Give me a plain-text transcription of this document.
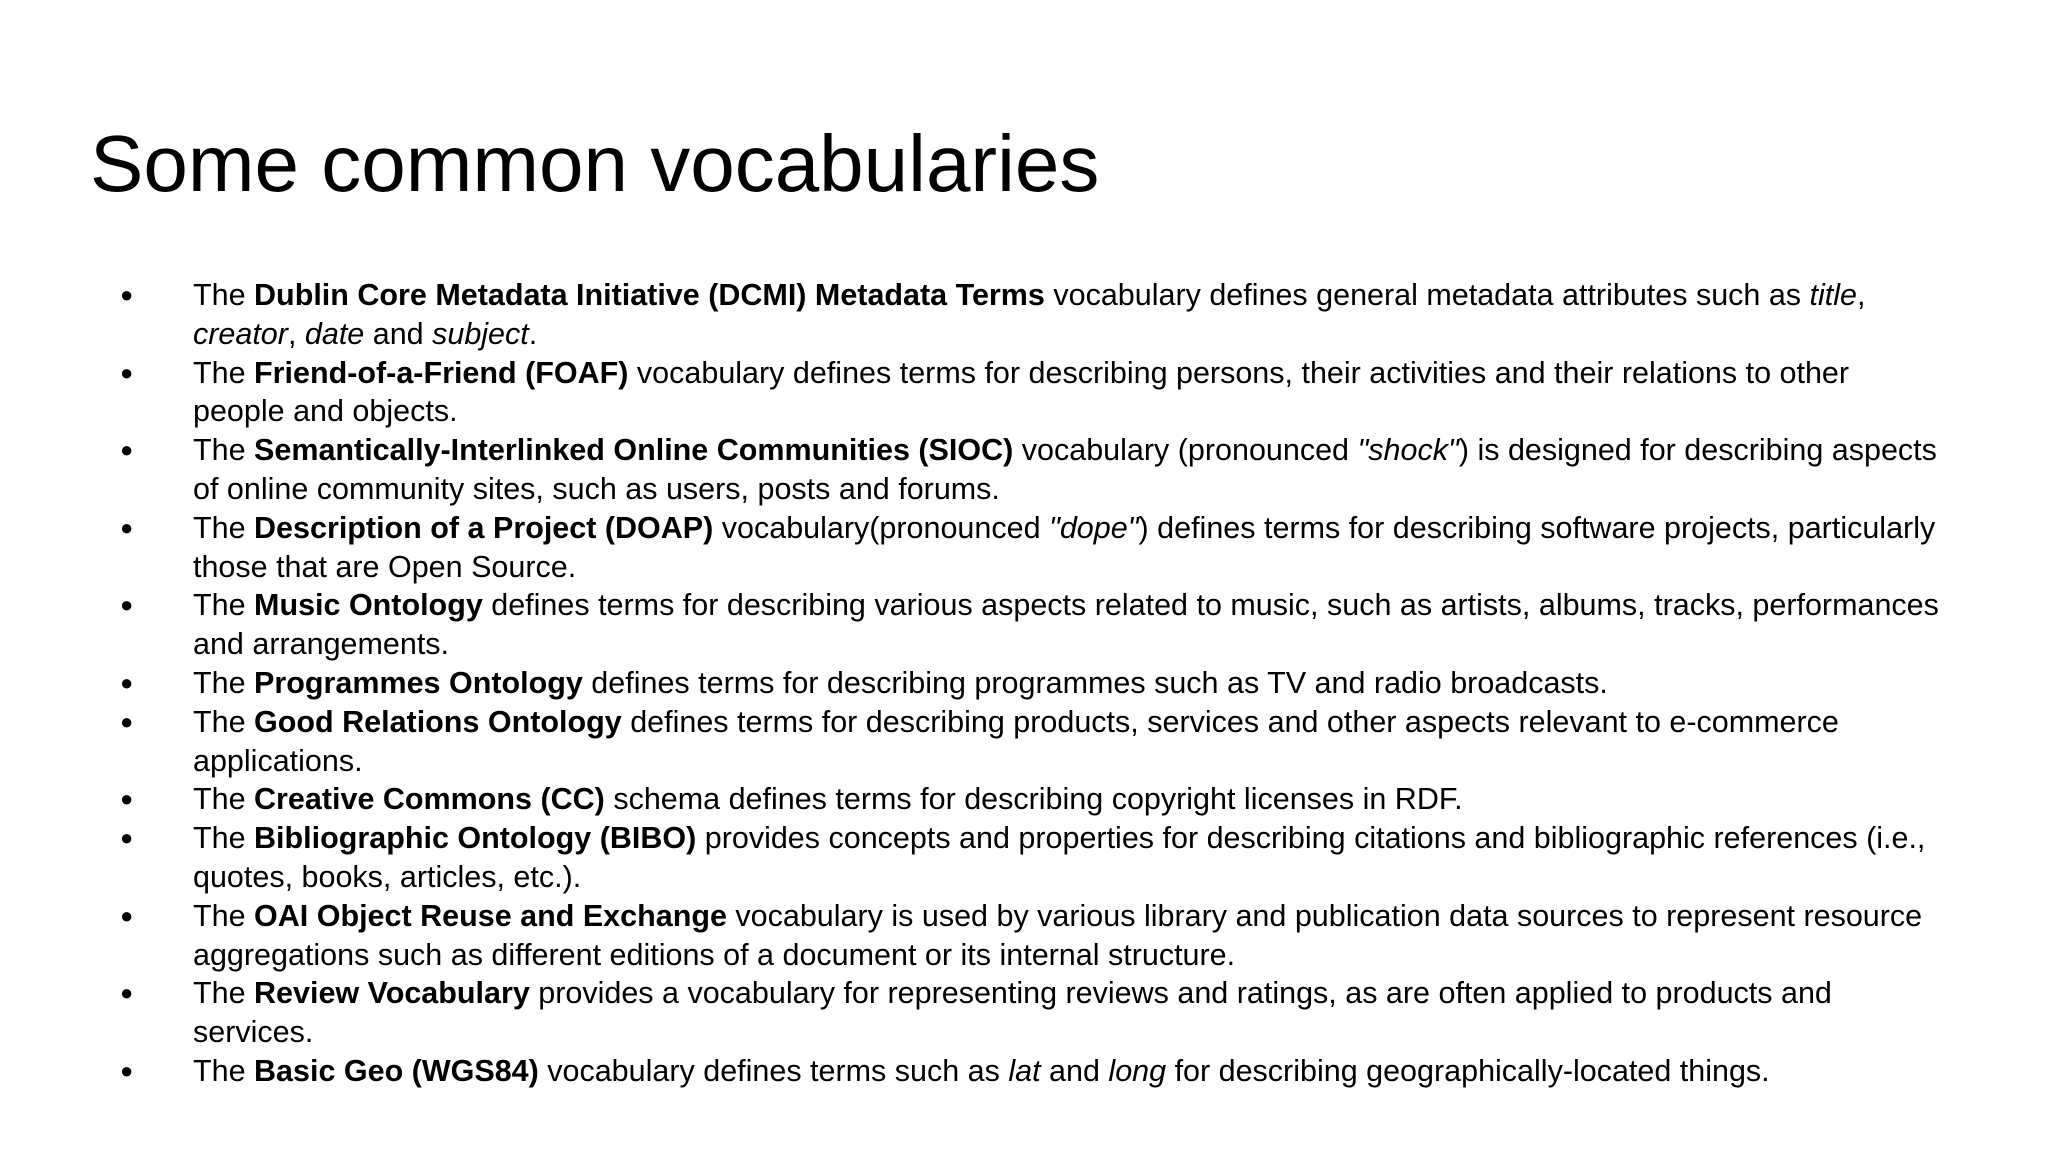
Some common vocabularies
● The Dublin Core Metadata Initiative (DCMI) Metadata Terms vocabulary defines general metadata attributes such as title, creator, date and subject.
● The Friend-of-a-Friend (FOAF) vocabulary defines terms for describing persons, their activities and their relations to other people and objects.
● The Semantically-Interlinked Online Communities (SIOC) vocabulary (pronounced "shock") is designed for describing aspects of online community sites, such as users, posts and forums.
● The Description of a Project (DOAP) vocabulary(pronounced "dope") defines terms for describing software projects, particularly those that are Open Source.
● The Music Ontology defines terms for describing various aspects related to music, such as artists, albums, tracks, performances and arrangements.
● The Programmes Ontology defines terms for describing programmes such as TV and radio broadcasts.
● The Good Relations Ontology defines terms for describing products, services and other aspects relevant to e-commerce applications.
● The Creative Commons (CC) schema defines terms for describing copyright licenses in RDF.
● The Bibliographic Ontology (BIBO) provides concepts and properties for describing citations and bibliographic references (i.e., quotes, books, articles, etc.).
● The OAI Object Reuse and Exchange vocabulary is used by various library and publication data sources to represent resource aggregations such as different editions of a document or its internal structure.
● The Review Vocabulary provides a vocabulary for representing reviews and ratings, as are often applied to products and services.
● The Basic Geo (WGS84) vocabulary defines terms such as lat and long for describing geographically-located things.
